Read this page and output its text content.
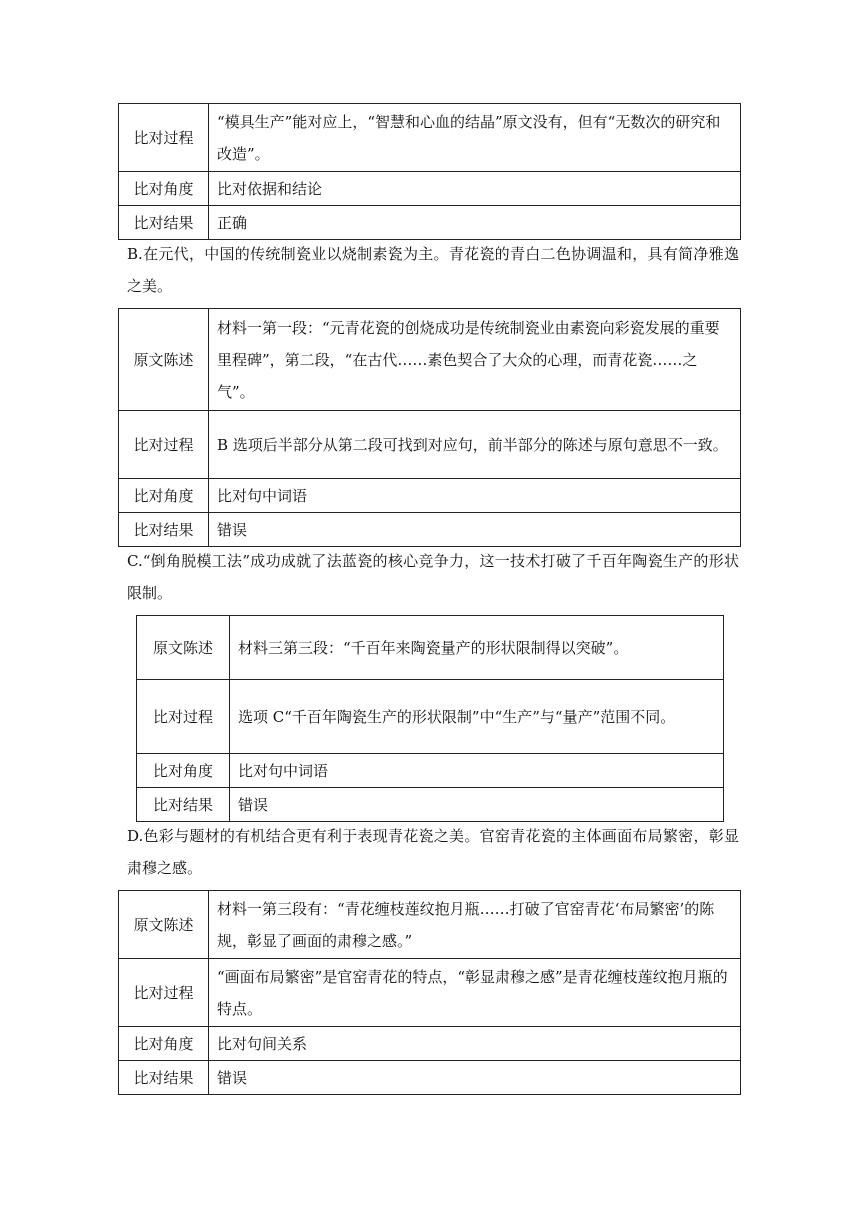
比对过程	“模具生产”能对应上，“智慧和心血的结晶”原文没有，但有“无数次的研究和改造”。
比对角度	比对依据和结论
比对结果	正确

B.在元代，中国的传统制瓷业以烧制素瓷为主。青花瓷的青白二色协调温和，具有简净雅逸之美。

原文陈述	材料一第一段：“元青花瓷的创烧成功是传统制瓷业由素瓷向彩瓷发展的重要里程碑”，第二段，“在古代……素色契合了大众的心理，而青花瓷……之气”。
比对过程	B 选项后半部分从第二段可找到对应句，前半部分的陈述与原句意思不一致。
比对角度	比对句中词语
比对结果	错误

C.“倒角脱模工法”成功成就了法蓝瓷的核心竞争力，这一技术打破了千百年陶瓷生产的形状限制。

原文陈述	材料三第三段：“千百年来陶瓷量产的形状限制得以突破”。
比对过程	选项 C“千百年陶瓷生产的形状限制”中“生产”与“量产”范围不同。
比对角度	比对句中词语
比对结果	错误

D.色彩与题材的有机结合更有利于表现青花瓷之美。官窑青花瓷的主体画面布局繁密，彰显肃穆之感。

原文陈述	材料一第三段有：“青花缠枝莲纹抱月瓶……打破了官窑青花‘布局繁密’的陈规，彰显了画面的肃穆之感。”
比对过程	“画面布局繁密”是官窑青花的特点，“彰显肃穆之感”是青花缠枝莲纹抱月瓶的特点。
比对角度	比对句间关系
比对结果	错误
